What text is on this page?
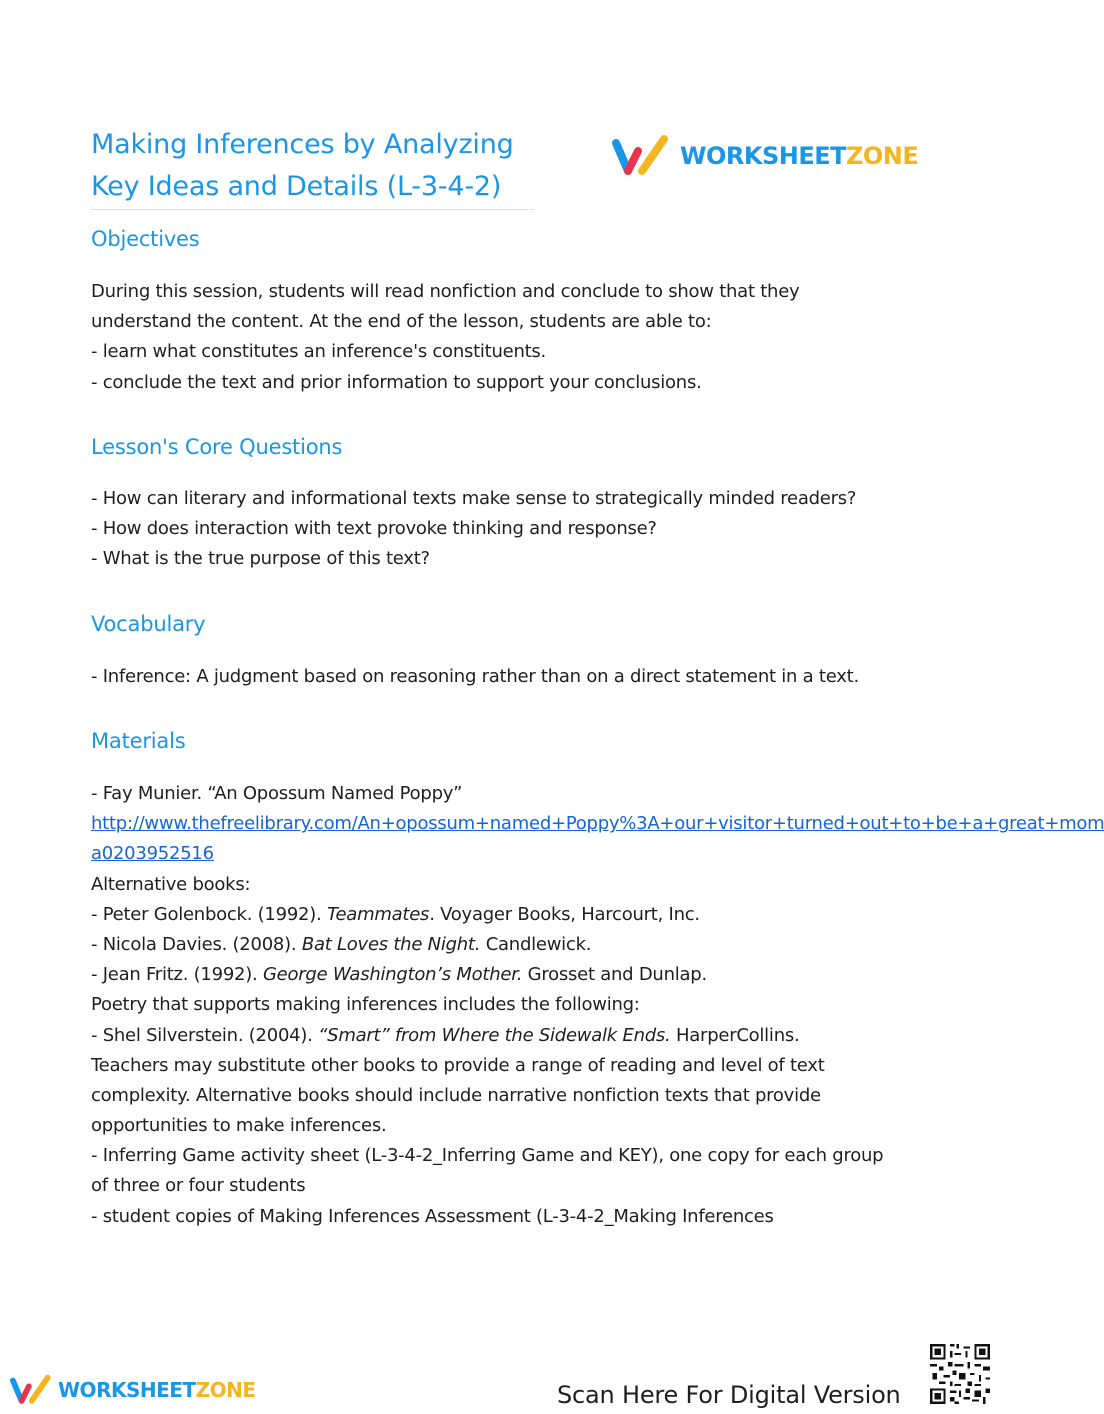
Making Inferences by Analyzing
Key Ideas and Details (L-3-4-2)
WORKSHEETZONE
Objectives
During this session, students will read nonfiction and conclude to show that they
understand the content. At the end of the lesson, students are able to:
- learn what constitutes an inference's constituents.
- conclude the text and prior information to support your conclusions.
Lesson's Core Questions
- How can literary and informational texts make sense to strategically minded readers?
- How does interaction with text provoke thinking and response?
- What is the true purpose of this text?
Vocabulary
- Inference: A judgment based on reasoning rather than on a direct statement in a text.
Materials
- Fay Munier. “An Opossum Named Poppy”
http://www.thefreelibrary.com/An+opossum+named+Poppy%3A+our+visitor+turned+out+to+be+a+great+mom
a0203952516
Alternative books:
- Peter Golenbock. (1992). Teammates. Voyager Books, Harcourt, Inc.
- Nicola Davies. (2008). Bat Loves the Night. Candlewick.
- Jean Fritz. (1992). George Washington’s Mother. Grosset and Dunlap.
Poetry that supports making inferences includes the following:
- Shel Silverstein. (2004). “Smart” from Where the Sidewalk Ends. HarperCollins.
Teachers may substitute other books to provide a range of reading and level of text
complexity. Alternative books should include narrative nonfiction texts that provide
opportunities to make inferences.
- Inferring Game activity sheet (L-3-4-2_Inferring Game and KEY), one copy for each group
of three or four students
- student copies of Making Inferences Assessment (L-3-4-2_Making Inferences
WORKSHEETZONE	Scan Here For Digital Version
